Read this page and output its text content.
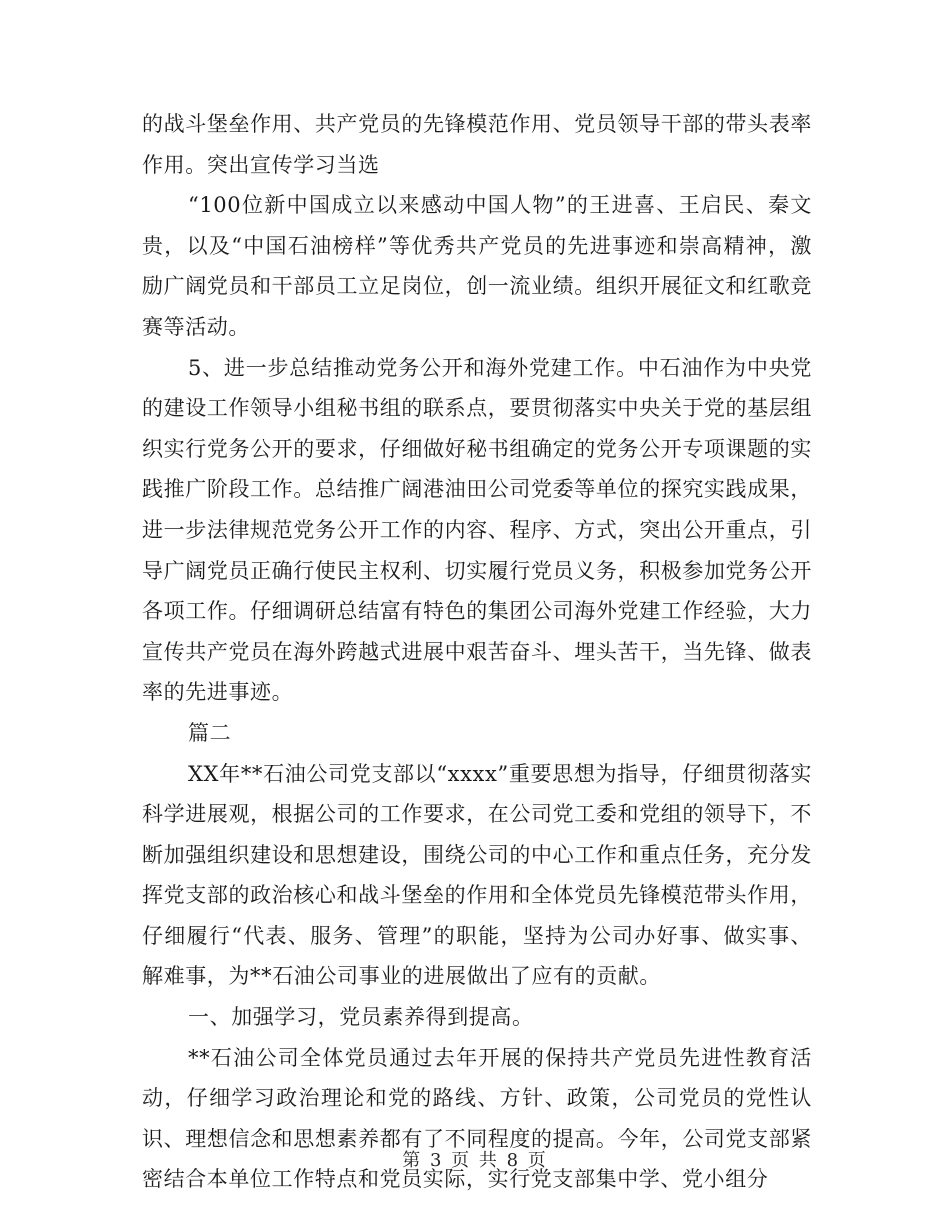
的战斗堡垒作用、共产党员的先锋模范作用、党员领导干部的带头表率作用。突出宣传学习当选

“100位新中国成立以来感动中国人物”的王进喜、王启民、秦文贵，以及“中国石油榜样”等优秀共产党员的先进事迹和崇高精神，激励广阔党员和干部员工立足岗位，创一流业绩。组织开展征文和红歌竞赛等活动。

5、进一步总结推动党务公开和海外党建工作。中石油作为中央党的建设工作领导小组秘书组的联系点，要贯彻落实中央关于党的基层组织实行党务公开的要求，仔细做好秘书组确定的党务公开专项课题的实践推广阶段工作。总结推广阔港油田公司党委等单位的探究实践成果，进一步法律规范党务公开工作的内容、程序、方式，突出公开重点，引导广阔党员正确行使民主权利、切实履行党员义务，积极参加党务公开各项工作。仔细调研总结富有特色的集团公司海外党建工作经验，大力宣传共产党员在海外跨越式进展中艰苦奋斗、埋头苦干，当先锋、做表率的先进事迹。

篇二

XX年**石油公司党支部以“xxxx”重要思想为指导，仔细贯彻落实科学进展观，根据公司的工作要求，在公司党工委和党组的领导下，不断加强组织建设和思想建设，围绕公司的中心工作和重点任务，充分发挥党支部的政治核心和战斗堡垒的作用和全体党员先锋模范带头作用，仔细履行“代表、服务、管理”的职能，坚持为公司办好事、做实事、解难事，为**石油公司事业的进展做出了应有的贡献。

一、加强学习，党员素养得到提高。

**石油公司全体党员通过去年开展的保持共产党员先进性教育活动，仔细学习政治理论和党的路线、方针、政策，公司党员的党性认识、理想信念和思想素养都有了不同程度的提高。今年，公司党支部紧密结合本单位工作特点和党员实际，实行党支部集中学、党小组分

第 3 页 共 8 页
